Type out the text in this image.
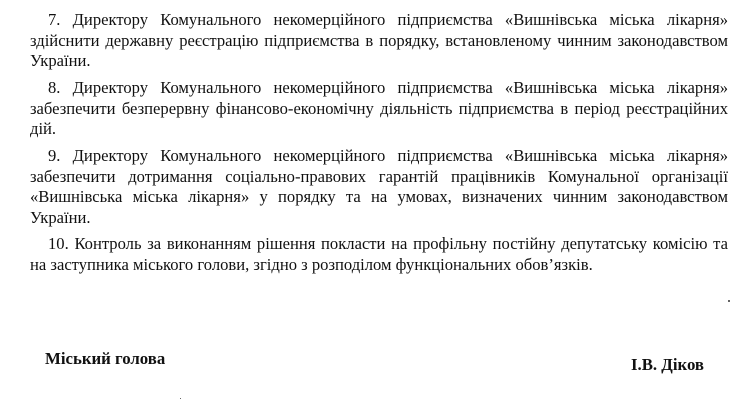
7. Директору Комунального некомерційного підприємства «Вишнівська міська лікарня» здійснити державну реєстрацію підприємства в порядку, встановленому чинним законодавством України.

8. Директору Комунального некомерційного підприємства «Вишнівська міська лікарня» забезпечити безперервну фінансово-економічну діяльність підприємства в період реєстраційних дій.

9. Директору Комунального некомерційного підприємства «Вишнівська міська лікарня» забезпечити дотримання соціально-правових гарантій працівників Комунальної організації «Вишнівська міська лікарня» у порядку та на умовах, визначених чинним законодавством України.

10. Контроль за виконанням рішення покласти на профільну постійну депутатську комісію та на заступника міського голови, згідно з розподілом функціональних обов’язків.

Міський голова	І.В. Діков
